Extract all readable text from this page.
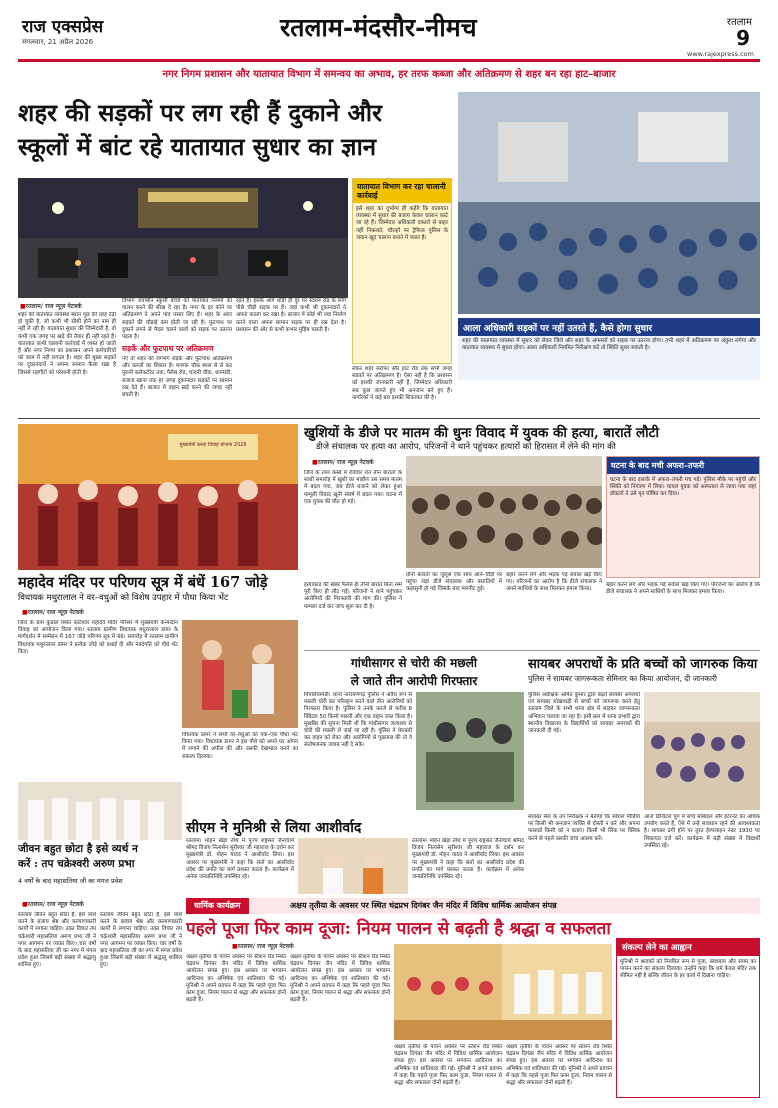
राज एक्सप्रेस
मंगलवार, 21 अप्रैल 2026	रतलाम-मंदसौर-नीमच	रतलाम
9
www.rajexpress.com
नगर निगम प्रशासन और यातायात विभाग में समन्वय का अभाव, हर तरफ कब्जा और अतिक्रमण से शहर बन रहा हाट–बाजार
शहर की सड़कों पर लग रही हैं दुकाने और
स्कूलों में बांट रहे यातायात सुधार का ज्ञान
■ रतलाम/ राज न्यूज़ नेटवर्क
शहर की यातायात व्यवस्था स्थान पूछ की तरह टेढ़ी हो चुकी है, जो कभी भी सीधी होने का नाम ही नहीं ले रही है। यातायात सुधार की जिम्मेदारी है, वो कभी एक जगह पर खड़े की तैयार ही नहीं रहते हैं। यातायात कभी चालानी कार्रवाई में व्यस्त हो जाती हैं और नगर निगम का प्रशासन अपने कर्मचारियों को काम में नहीं लगाता है। शहर की मुख्य सड़कों पर दुकानदारों ने अपना सामान फैला रखा है जिससे राहगीरों को परेशानी होती है।
विभाग जवाबीन स्कूली बच्चों को यातायात नियमों का पालन करने की सीख दे रहा है। नगर के हर कोने पर अतिक्रमण ने अपने पांव पसार लिए हैं। शहर के अंदर सड़कों की चौड़ाई कम होती जा रही है। फुटपाथ पर दुकानें लगने से पैदल चलने वालों को सड़क पर उतरना पड़ता है।
सड़कें और फुटपाथ पर अतिक्रमण
नए तो शहर की लगभग सड़कें और फुटपाथ अतिक्रमण और कब्जों का शिकार हैं। माणक चौक स्थल से ले कर पुरानी कलेक्टोरेट तक, पैलेस रोड, चांदनी चौक, धानमंडी, बजाज खाना तक हर जगह दुकानदार सड़कों पर सामान रख देते हैं। बाजार में वाहन खड़े करने की जगह नहीं बचती है।
रहते हैं। इसके आगे थोड़ी ही दूर पर स्टेशन रोड के लोग पीछे चौड़ी सड़क पर हैं। जहां कभी भी दुकानदारों ने अपना कब्जा कर रखा है। बाजार में कोई भी नया निर्माण करने वाला अपना सामान सड़क पर ही रख देता है। प्रशासन की ओर से कभी कभार मुहिम चलती है।
यातायात विभाग कर रहा चालानी कार्रवाई
इसे शहर का दुर्भाग्य ही कहेंगे कि यातायात व्यवस्था में सुधार की बजाय केवल चालान काटे जा रहे हैं। जिम्मेदार अधिकारी दफ्तरों से बाहर नहीं निकलते, चौराहों पर ट्रैफिक पुलिस के जवान खुद चालान बनाने में व्यस्त हैं।
लेकर शहर सराफा और हाट रोड तक सभी जगह सड़कों पर अतिक्रमण है। ऐसा नहीं है कि प्रशासन को इसकी जानकारी नहीं है, जिम्मेदार अधिकारी सब कुछ जानते हुए भी अनजान बने हुए हैं। नागरिकों ने कई बार इसकी शिकायत की है।
आला अधिकारी सड़कों पर नहीं उतरते हैं, कैसे होगा सुधार
शहर की यातायात व्यवस्था में सुधार को लेकर जिले और शहर के अफसरों को सड़क पर उतरना होगा। तभी शहर में अतिक्रमण पर अंकुश लगेगा और यातायात व्यवस्था में सुधार होगा। आला अधिकारी नियमित निरीक्षण करें तो स्थिति सुधर सकती है।
मुख्यमंत्री कन्या विवाह योजना 2026
महादेव मंदिर पर परिणय सूत्र में बंधें 167 जोड़े
विधायक मथुरालाल ने वर–वधुओं को विशेष उपहार में पौधा किया भेंट
■ रतलाम/ राज न्यूज़ नेटवर्क
जिले के ग्राम कुंडाल स्थित कोटेश्वर महादेव मंदिर परिसर में मुख्यमंत्री कन्यादान विवाह का आयोजन किया गया। रतलाम ग्रामीण विधायक मथुरालाल डामर के मार्गदर्शन में सम्मेलन में 167 जोड़े परिणय सूत्र में बंधे। समारोह में रतलाम ग्रामीण विधायक मथुरालाल डामर ने प्रत्येक जोड़े को बधाई दी और नवदंपति को पौधे भेंट किए।
विधायक डामर ने सभी वर–वधुओं को एक–एक पौधा भेंट किया गया। विधायक डामर ने इस पौधे को अपने घर आंगन में लगाने की अपील की और उसकी देखभाल करने का संकल्प दिलाया।
खुशियों के डीजे पर मातम की धुनः विवाद में युवक की हत्या, बारातें लौटी
डीजे संचालक पर हत्या का आरोप, परिजनों ने थाने पहुंचकर हत्यारों को हिरासत में लेने की मांग की
■ रतलाम/ राज न्यूज़ नेटवर्क
जिले के ताल कस्बे में रविवार रात तीन बारातों के साथी समारोह में खुशी का माहौल उस समय मातम में बदल गया, जब डीजे बजाने को लेकर हुआ मामूली विवाद खूनी संघर्ष में बदल गया। घटना में एक युवक की मौत हो गई।
हत्याकांड की खबर फैलते ही तीनों बारातें बिना रस्म पूरी किए ही लौट गईं। परिजनों ने थाने पहुंचकर आरोपियों की गिरफ्तारी की मांग की। पुलिस ने मामला दर्ज कर जांच शुरू कर दी है।
तीनों बारातों का जुलूस एक साथ आने–चौड़ी पर पहुंचा जहां डीजे संचालक और बारातियों में कहासुनी हो गई जिसके बाद मारपीट हुई।
बहार करने लगे और भड़क पड़ें सवाल खड़े किए गए। परिजनों का आरोप है कि डीजे संचालक ने अपने साथियों के साथ मिलकर हमला किया।
घटना के बाद मची अफरा–तफरी
घटना के बाद इलाके में अफरा–तफरी मच गई। पुलिस मौके पर पहुंची और स्थिति को नियंत्रण में लिया। घायल युवक को अस्पताल ले जाया गया जहां डॉक्टरों ने उसे मृत घोषित कर दिया।
बहार करने लगे और भड़क पड़ें सवाल खड़े किए गए। परिजनों का आरोप है कि डीजे संचालक ने अपने साथियों के साथ मिलकर हमला किया।
गांधीसागर से चोरी की मछली
ले जाते तीन आरोपी गिरफ्तार
पिपलियामंडी। थाना नारायणगढ़ पुलिस ने अवैध रूप से मछली चोरी कर परिवहन करने वाले तीन आरोपियों को गिरफ्तार किया है। पुलिस ने उनके कब्जे से करीब 8 क्विंटल 50 किलो मछली और एक वाहन जब्त किया है। मुखबिर की सूचना मिली थी कि गांधीसागर जलाशय से चोरी की मछली ले जाई जा रही है। पुलिस ने घेराबंदी कर वाहन को रोका और आरोपियों से पूछताछ की तो वे संतोषजनक जवाब नहीं दे सके।
सायबर अपराधों के प्रति बच्चों को जागरुक किया
पुलिस ने सायबर जागरूकता सेमिनार का किया आयोजन, दी जानकारी
पुलिस अधीक्षक अमित कुमार द्वारा बढ़ते सायबर अपराधों एवं सायबर धोखाधड़ी से बच्चों को जागरूक करने हेतु रतलाम जिले के सभी थाना क्षेत्र में साइबर जागरूकता अभियान चलाया जा रहा है। इसी क्रम में थाना प्रभारी द्वारा स्थानीय विद्यालय के विद्यार्थियों को सायबर अपराधों की जानकारी दी गई।
सायबर सेल के उप निरीक्षक ने बताया कि सोशल मीडिया पर किसी भी अनजान व्यक्ति से दोस्ती न करें और अपना पासवर्ड किसी को न बताएं। किसी भी लिंक पर क्लिक करने से पहले उसकी जांच अवश्य करें।
आज डिजिटल युग में बच्चे मोबाइल और इंटरनेट का अधिक उपयोग करते हैं, ऐसे में उन्हें सावधान रहने की आवश्यकता है। सायबर ठगी होने पर तुरंत हेल्पलाइन नंबर 1930 पर शिकायत दर्ज करें। कार्यक्रम में बड़ी संख्या में विद्यार्थी उपस्थित रहे।
सीएम ने मुनिश्री से लिया आशीर्वाद
रतलाम। मोहन खेड़ा तीर्थ में पूज्य राष्ट्रसंत जैनाचार्य श्रीमद विजय नित्यसेन सूरीश्वर जी महाराज के दर्शन कर मुख्यमंत्री डॉ. मोहन यादव ने आशीर्वाद लिया। इस अवसर पर मुख्यमंत्री ने कहा कि संतों का आशीर्वाद प्रदेश की प्रगति का मार्ग प्रशस्त करता है। कार्यक्रम में अनेक जनप्रतिनिधि उपस्थित रहे।
रतलाम। मोहन खेड़ा तीर्थ में पूज्य राष्ट्रसंत जैनाचार्य श्रीमद विजय नित्यसेन सूरीश्वर जी महाराज के दर्शन कर मुख्यमंत्री डॉ. मोहन यादव ने आशीर्वाद लिया। इस अवसर पर मुख्यमंत्री ने कहा कि संतों का आशीर्वाद प्रदेश की प्रगति का मार्ग प्रशस्त करता है। कार्यक्रम में अनेक जनप्रतिनिधि उपस्थित रहे।
जीवन बहुत छोटा है इसे व्यर्थ न
करें : तप चक्रेश्वरी अरुण प्रभा
4 वर्षों के बाद महासतिया जी का मंगल प्रवेश
■ रतलाम/ राज न्यूज़ नेटवर्क
रतलाम जीवन बहुत छोटा है, इसे व्यर्थ करने के बजाय श्रेष्ठ और कल्याणकारी कार्यों में लगाना चाहिए। उक्त विचार तप चक्रेश्वरी महासतिया अरुण प्रभा जी ने नगर आगमन पर व्यक्त किए। चार वर्षों के बाद महासतिया जी का नगर में मंगल प्रवेश हुआ जिसमें बड़ी संख्या में श्रद्धालु शामिल हुए।
रतलाम जीवन बहुत छोटा है, इसे व्यर्थ करने के बजाय श्रेष्ठ और कल्याणकारी कार्यों में लगाना चाहिए। उक्त विचार तप चक्रेश्वरी महासतिया अरुण प्रभा जी ने नगर आगमन पर व्यक्त किए। चार वर्षों के बाद महासतिया जी का नगर में मंगल प्रवेश हुआ जिसमें बड़ी संख्या में श्रद्धालु शामिल हुए।
धार्मिक कार्यक्रम	अक्षय तृतीया के अवसर पर स्थित चंद्रप्रभ दिगंबर जैन मंदिर में विविध धार्मिक आयोजन संपन्न
पहले पूजा फिर काम दूजा: नियम पालन से बढ़ती है श्रद्धा व सफलता
■ रतलाम/ राज न्यूज़ नेटवर्क
अक्षय तृतीया के पावन अवसर पर स्टेशन रोड स्थित चंद्रप्रभ दिगंबर जैन मंदिर में विविध धार्मिक आयोजन संपन्न हुए। इस अवसर पर भगवान आदिनाथ का अभिषेक एवं शांतिधारा की गई। मुनिश्री ने अपने प्रवचन में कहा कि पहले पूजा फिर काम दूजा, नियम पालन से श्रद्धा और सफलता दोनों बढ़ती हैं।
अक्षय तृतीया के पावन अवसर पर स्टेशन रोड स्थित चंद्रप्रभ दिगंबर जैन मंदिर में विविध धार्मिक आयोजन संपन्न हुए। इस अवसर पर भगवान आदिनाथ का अभिषेक एवं शांतिधारा की गई। मुनिश्री ने अपने प्रवचन में कहा कि पहले पूजा फिर काम दूजा, नियम पालन से श्रद्धा और सफलता दोनों बढ़ती हैं।
अक्षय तृतीया के पावन अवसर पर स्टेशन रोड स्थित चंद्रप्रभ दिगंबर जैन मंदिर में विविध धार्मिक आयोजन संपन्न हुए। इस अवसर पर भगवान आदिनाथ का अभिषेक एवं शांतिधारा की गई। मुनिश्री ने अपने प्रवचन में कहा कि पहले पूजा फिर काम दूजा, नियम पालन से श्रद्धा और सफलता दोनों बढ़ती हैं।
अक्षय तृतीया के पावन अवसर पर स्टेशन रोड स्थित चंद्रप्रभ दिगंबर जैन मंदिर में विविध धार्मिक आयोजन संपन्न हुए। इस अवसर पर भगवान आदिनाथ का अभिषेक एवं शांतिधारा की गई। मुनिश्री ने अपने प्रवचन में कहा कि पहले पूजा फिर काम दूजा, नियम पालन से श्रद्धा और सफलता दोनों बढ़ती हैं।
संकल्प लेने का आह्वान
मुनिश्री ने श्रावकों को नियमित रूप से पूजा, स्वाध्याय और संयम का पालन करने का संकल्प दिलाया। उन्होंने कहा कि धर्म केवल मंदिर तक सीमित नहीं है बल्कि जीवन के हर कार्य में दिखना चाहिए।
